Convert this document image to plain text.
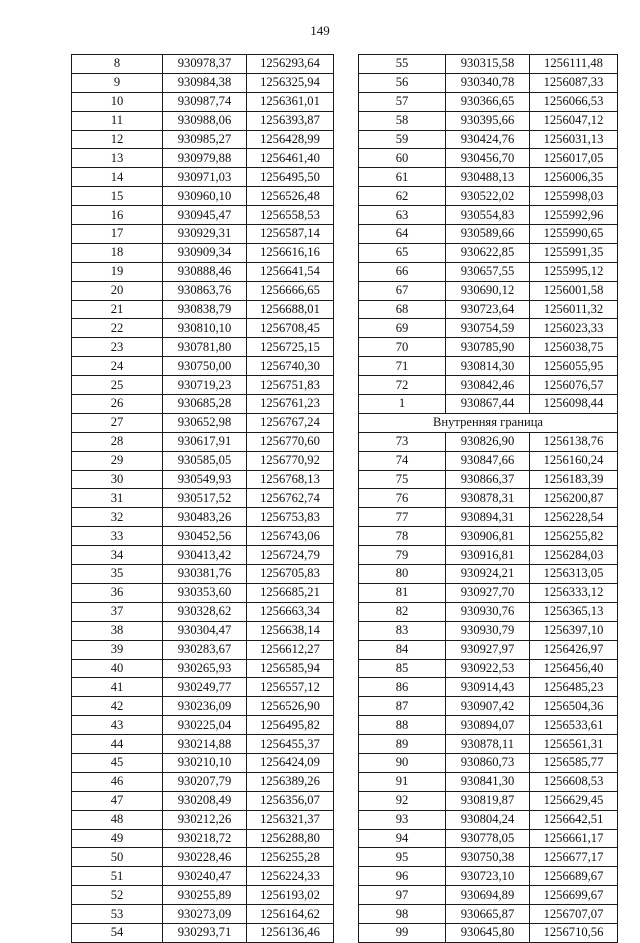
149
8	930978,37	1256293,64
9	930984,38	1256325,94
10	930987,74	1256361,01
11	930988,06	1256393,87
12	930985,27	1256428,99
13	930979,88	1256461,40
14	930971,03	1256495,50
15	930960,10	1256526,48
16	930945,47	1256558,53
17	930929,31	1256587,14
18	930909,34	1256616,16
19	930888,46	1256641,54
20	930863,76	1256666,65
21	930838,79	1256688,01
22	930810,10	1256708,45
23	930781,80	1256725,15
24	930750,00	1256740,30
25	930719,23	1256751,83
26	930685,28	1256761,23
27	930652,98	1256767,24
28	930617,91	1256770,60
29	930585,05	1256770,92
30	930549,93	1256768,13
31	930517,52	1256762,74
32	930483,26	1256753,83
33	930452,56	1256743,06
34	930413,42	1256724,79
35	930381,76	1256705,83
36	930353,60	1256685,21
37	930328,62	1256663,34
38	930304,47	1256638,14
39	930283,67	1256612,27
40	930265,93	1256585,94
41	930249,77	1256557,12
42	930236,09	1256526,90
43	930225,04	1256495,82
44	930214,88	1256455,37
45	930210,10	1256424,09
46	930207,79	1256389,26
47	930208,49	1256356,07
48	930212,26	1256321,37
49	930218,72	1256288,80
50	930228,46	1256255,28
51	930240,47	1256224,33
52	930255,89	1256193,02
53	930273,09	1256164,62
54	930293,71	1256136,46
55	930315,58	1256111,48
56	930340,78	1256087,33
57	930366,65	1256066,53
58	930395,66	1256047,12
59	930424,76	1256031,13
60	930456,70	1256017,05
61	930488,13	1256006,35
62	930522,02	1255998,03
63	930554,83	1255992,96
64	930589,66	1255990,65
65	930622,85	1255991,35
66	930657,55	1255995,12
67	930690,12	1256001,58
68	930723,64	1256011,32
69	930754,59	1256023,33
70	930785,90	1256038,75
71	930814,30	1256055,95
72	930842,46	1256076,57
1	930867,44	1256098,44
Внутренняя граница		
73	930826,90	1256138,76
74	930847,66	1256160,24
75	930866,37	1256183,39
76	930878,31	1256200,87
77	930894,31	1256228,54
78	930906,81	1256255,82
79	930916,81	1256284,03
80	930924,21	1256313,05
81	930927,70	1256333,12
82	930930,76	1256365,13
83	930930,79	1256397,10
84	930927,97	1256426,97
85	930922,53	1256456,40
86	930914,43	1256485,23
87	930907,42	1256504,36
88	930894,07	1256533,61
89	930878,11	1256561,31
90	930860,73	1256585,77
91	930841,30	1256608,53
92	930819,87	1256629,45
93	930804,24	1256642,51
94	930778,05	1256661,17
95	930750,38	1256677,17
96	930723,10	1256689,67
97	930694,89	1256699,67
98	930665,87	1256707,07
99	930645,80	1256710,56
